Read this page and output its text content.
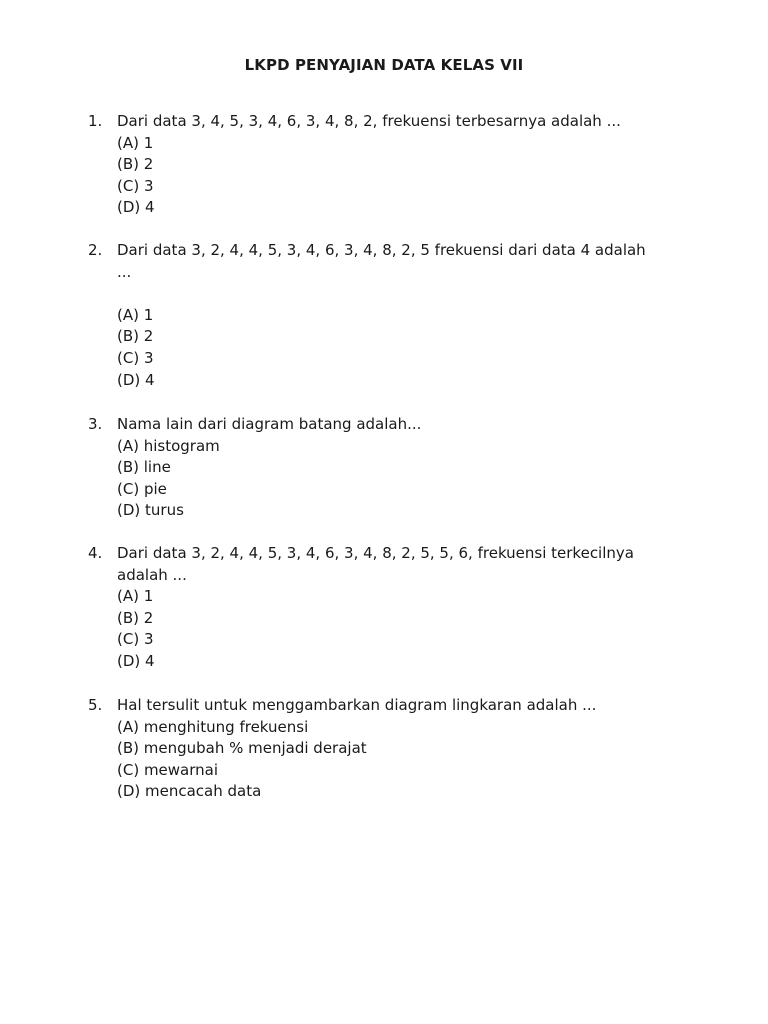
LKPD PENYAJIAN DATA KELAS VII
1. Dari data 3, 4, 5, 3, 4, 6, 3, 4, 8, 2, frekuensi terbesarnya adalah ...
(A) 1
(B) 2
(C) 3
(D) 4
2. Dari data 3, 2, 4, 4, 5, 3, 4, 6, 3, 4, 8, 2, 5 frekuensi dari data 4 adalah
...
(A) 1
(B) 2
(C) 3
(D) 4
3. Nama lain dari diagram batang adalah...
(A) histogram
(B) line
(C) pie
(D) turus
4. Dari data 3, 2, 4, 4, 5, 3, 4, 6, 3, 4, 8, 2, 5, 5, 6, frekuensi terkecilnya
adalah ...
(A) 1
(B) 2
(C) 3
(D) 4
5. Hal tersulit untuk menggambarkan diagram lingkaran adalah ...
(A) menghitung frekuensi
(B) mengubah % menjadi derajat
(C) mewarnai
(D) mencacah data
